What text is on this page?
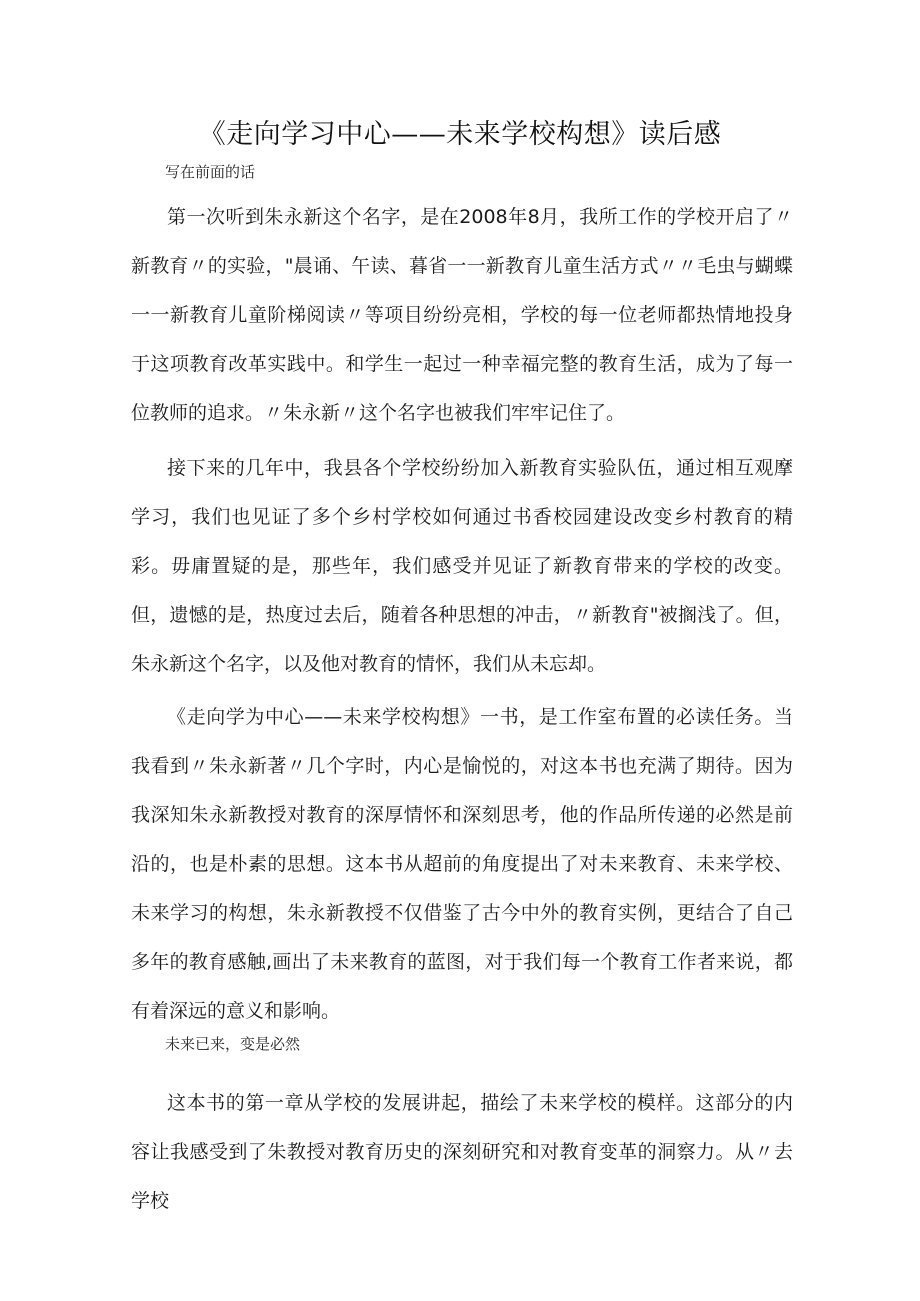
《走向学习中心——未来学校构想》读后感

写在前面的话

第一次听到朱永新这个名字，是在2008年8月，我所工作的学校开启了〃新教育〃的实验，"晨诵、午读、暮省一一新教育儿童生活方式〃〃毛虫与蝴蝶一一新教育儿童阶梯阅读〃等项目纷纷亮相，学校的每一位老师都热情地投身于这项教育改革实践中。和学生一起过一种幸福完整的教育生活，成为了每一位教师的追求。〃朱永新〃这个名字也被我们牢牢记住了。

接下来的几年中，我县各个学校纷纷加入新教育实验队伍，通过相互观摩学习，我们也见证了多个乡村学校如何通过书香校园建设改变乡村教育的精彩。毋庸置疑的是，那些年，我们感受并见证了新教育带来的学校的改变。但，遗憾的是，热度过去后，随着各种思想的冲击，〃新教育"被搁浅了。但，朱永新这个名字，以及他对教育的情怀，我们从未忘却。

《走向学为中心——未来学校构想》一书，是工作室布置的必读任务。当我看到〃朱永新著〃几个字时，内心是愉悦的，对这本书也充满了期待。因为我深知朱永新教授对教育的深厚情怀和深刻思考，他的作品所传递的必然是前沿的，也是朴素的思想。这本书从超前的角度提出了对未来教育、未来学校、未来学习的构想，朱永新教授不仅借鉴了古今中外的教育实例，更结合了自己多年的教育感触,画出了未来教育的蓝图，对于我们每一个教育工作者来说，都有着深远的意义和影响。

未来已来，变是必然

这本书的第一章从学校的发展讲起，描绘了未来学校的模样。这部分的内容让我感受到了朱教授对教育历史的深刻研究和对教育变革的洞察力。从〃去学校
